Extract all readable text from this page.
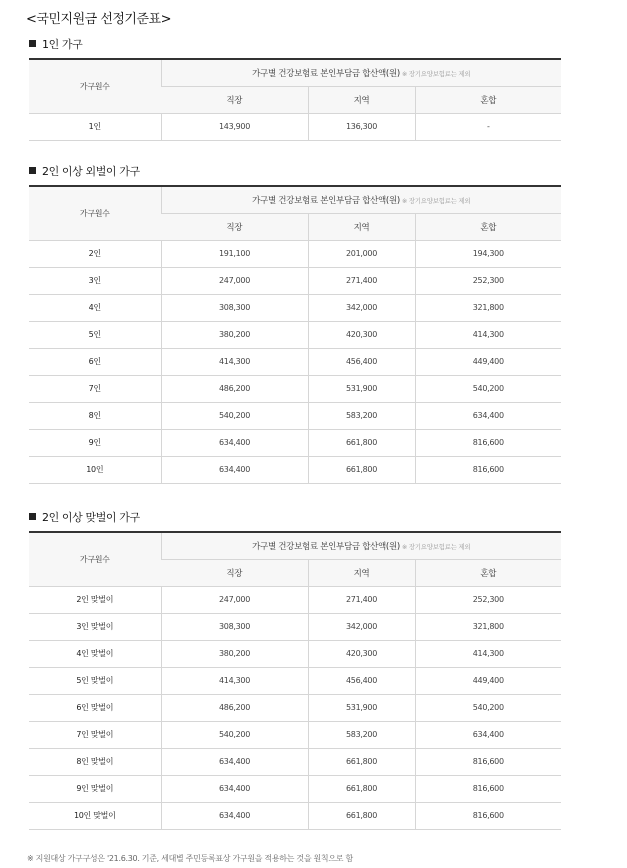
<국민지원금 선정기준표>
1인 가구
가구원수	가구별 건강보험료 본인부담금 합산액(원) ※ 장기요양보험료는 제외		
	직장	지역	혼합
1인	143,900	136,300	-
2인 이상 외벌이 가구
가구원수	가구별 건강보험료 본인부담금 합산액(원) ※ 장기요양보험료는 제외		
	직장	지역	혼합
2인	191,100	201,000	194,300
3인	247,000	271,400	252,300
4인	308,300	342,000	321,800
5인	380,200	420,300	414,300
6인	414,300	456,400	449,400
7인	486,200	531,900	540,200
8인	540,200	583,200	634,400
9인	634,400	661,800	816,600
10인	634,400	661,800	816,600
2인 이상 맞벌이 가구
가구원수	가구별 건강보험료 본인부담금 합산액(원) ※ 장기요양보험료는 제외		
	직장	지역	혼합
2인 맞벌이	247,000	271,400	252,300
3인 맞벌이	308,300	342,000	321,800
4인 맞벌이	380,200	420,300	414,300
5인 맞벌이	414,300	456,400	449,400
6인 맞벌이	486,200	531,900	540,200
7인 맞벌이	540,200	583,200	634,400
8인 맞벌이	634,400	661,800	816,600
9인 맞벌이	634,400	661,800	816,600
10인 맞벌이	634,400	661,800	816,600
※ 지원대상 가구구성은 '21.6.30. 기준, 세대별 주민등록표상 가구원을 적용하는 것을 원칙으로 함
